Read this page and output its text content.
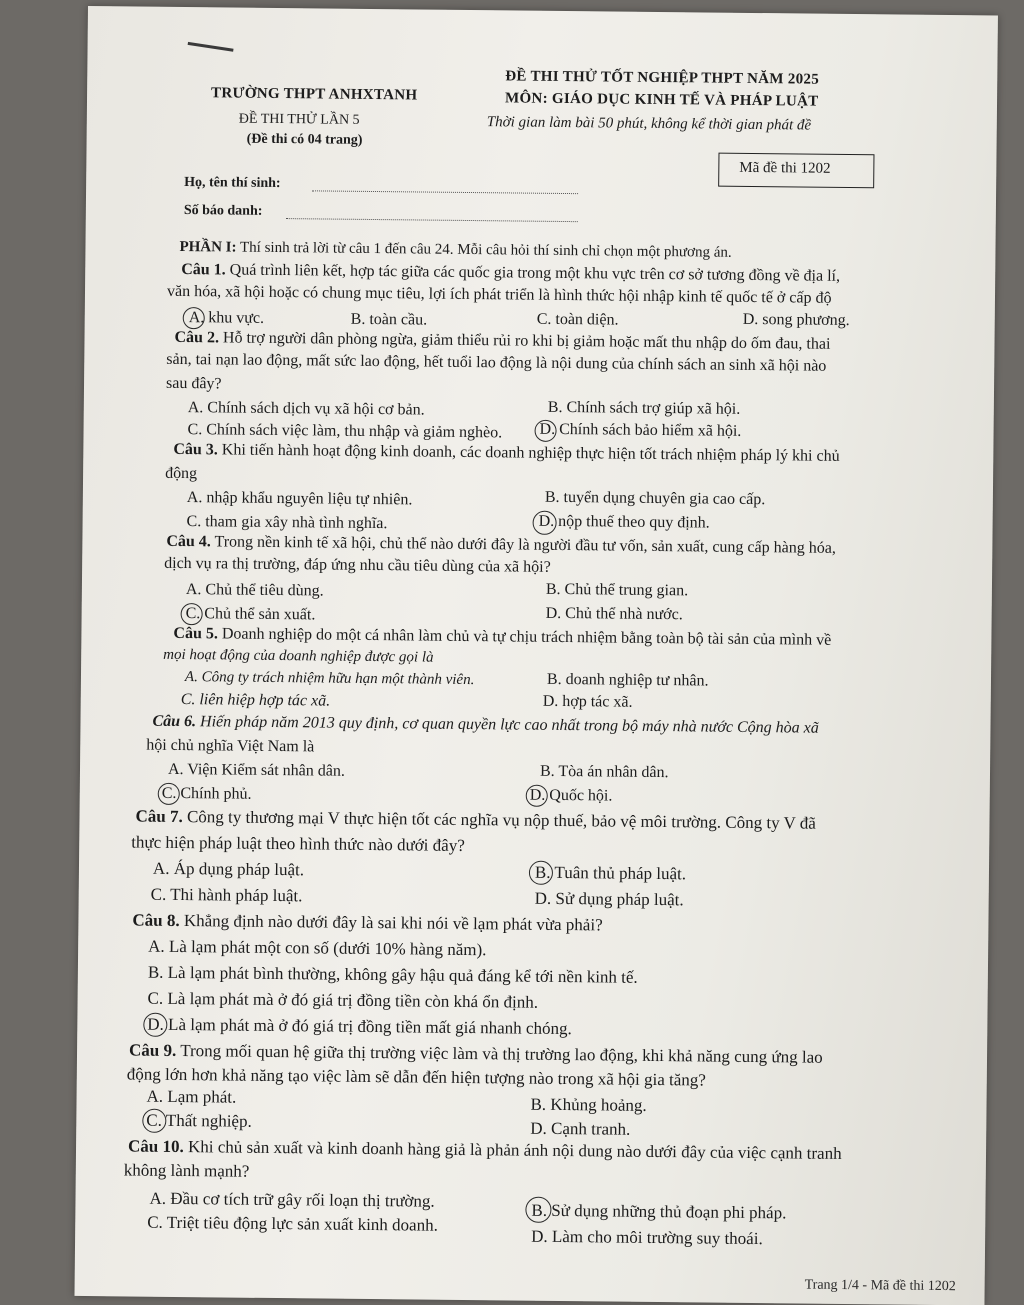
TRƯỜNG THPT ANHXTANH
ĐỀ THI THỬ LẦN 5
(Đề thi có 04 trang)
ĐỀ THI THỬ TỐT NGHIỆP THPT NĂM 2025
MÔN: GIÁO DỤC KINH TẾ VÀ PHÁP LUẬT
Thời gian làm bài 50 phút, không kể thời gian phát đề
Họ, tên thí sinh:
Số báo danh:
Mã đề thi 1202
PHẦN I: Thí sinh trả lời từ câu 1 đến câu 24. Mỗi câu hỏi thí sinh chỉ chọn một phương án.
Câu 1. Quá trình liên kết, hợp tác giữa các quốc gia trong một khu vực trên cơ sở tương đồng về địa lí,
văn hóa, xã hội hoặc có chung mục tiêu, lợi ích phát triển là hình thức hội nhập kinh tế quốc tế ở cấp độ
A. khu vực.	B. toàn cầu.	C. toàn diện.	D. song phương.
Câu 2. Hỗ trợ người dân phòng ngừa, giảm thiểu rủi ro khi bị giảm hoặc mất thu nhập do ốm đau, thai
sản, tai nạn lao động, mất sức lao động, hết tuổi lao động là nội dung của chính sách an sinh xã hội nào
sau đây?
A. Chính sách dịch vụ xã hội cơ bản.	B. Chính sách trợ giúp xã hội.
C. Chính sách việc làm, thu nhập và giảm nghèo. D. Chính sách bảo hiểm xã hội.
Câu 3. Khi tiến hành hoạt động kinh doanh, các doanh nghiệp thực hiện tốt trách nhiệm pháp lý khi chủ
động
A. nhập khẩu nguyên liệu tự nhiên.	B. tuyển dụng chuyên gia cao cấp.
C. tham gia xây nhà tình nghĩa.	D. nộp thuế theo quy định.
Câu 4. Trong nền kinh tế xã hội, chủ thể nào dưới đây là người đầu tư vốn, sản xuất, cung cấp hàng hóa,
dịch vụ ra thị trường, đáp ứng nhu cầu tiêu dùng của xã hội?
A. Chủ thể tiêu dùng.	B. Chủ thể trung gian.
C. Chủ thể sản xuất.	D. Chủ thể nhà nước.
Câu 5. Doanh nghiệp do một cá nhân làm chủ và tự chịu trách nhiệm bằng toàn bộ tài sản của mình về
mọi hoạt động của doanh nghiệp được gọi là
A. Công ty trách nhiệm hữu hạn một thành viên.	B. doanh nghiệp tư nhân.
C. liên hiệp hợp tác xã.	D. hợp tác xã.
Câu 6. Hiến pháp năm 2013 quy định, cơ quan quyền lực cao nhất trong bộ máy nhà nước Cộng hòa xã
hội chủ nghĩa Việt Nam là
A. Viện Kiểm sát nhân dân.	B. Tòa án nhân dân.
C. Chính phủ.	D. Quốc hội.
Câu 7. Công ty thương mại V thực hiện tốt các nghĩa vụ nộp thuế, bảo vệ môi trường. Công ty V đã
thực hiện pháp luật theo hình thức nào dưới đây?
A. Áp dụng pháp luật.	B. Tuân thủ pháp luật.
C. Thi hành pháp luật.	D. Sử dụng pháp luật.
Câu 8. Khẳng định nào dưới đây là sai khi nói về lạm phát vừa phải?
A. Là lạm phát một con số (dưới 10% hàng năm).
B. Là lạm phát bình thường, không gây hậu quả đáng kể tới nền kinh tế.
C. Là lạm phát mà ở đó giá trị đồng tiền còn khá ổn định.
D. Là lạm phát mà ở đó giá trị đồng tiền mất giá nhanh chóng.
Câu 9. Trong mối quan hệ giữa thị trường việc làm và thị trường lao động, khi khả năng cung ứng lao
động lớn hơn khả năng tạo việc làm sẽ dẫn đến hiện tượng nào trong xã hội gia tăng?
A. Lạm phát.	B. Khủng hoảng.
C. Thất nghiệp.	D. Cạnh tranh.
Câu 10. Khi chủ sản xuất và kinh doanh hàng giả là phản ánh nội dung nào dưới đây của việc cạnh tranh
không lành mạnh?
A. Đầu cơ tích trữ gây rối loạn thị trường.
B. Sử dụng những thủ đoạn phi pháp.
C. Triệt tiêu động lực sản xuất kinh doanh.
D. Làm cho môi trường suy thoái.
Trang 1/4 - Mã đề thi 1202
